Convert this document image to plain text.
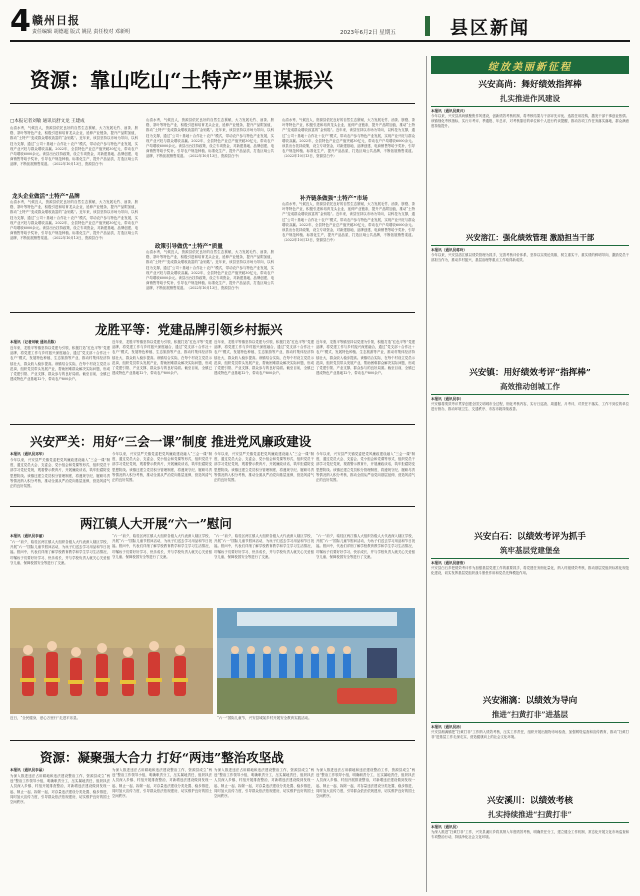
4 赣州日报
责任编辑 胡德超 版式 姚昆 责任校对 邓新明	2023年6月2日 星期五	县区新闻
资源：靠山吃山“土特产”里谋振兴
□本报记者刘敏 通讯员舒文龙 王建成
山清水秀，气候宜人，资源县依托良好的自然生态禀赋，大力发展毛竹、油茶、脐橙、茶叶等特色产业，积极引进和培育龙头企业，延伸产业链条，提升产品附加值，推动“土特产”变成群众增收致富的“金钥匙”。近年来，该县坚持以市场为导向，以科技为支撑，通过“公司＋基地＋合作社＋农户”模式，带动农户参与特色产业发展，实现产业兴旺与群众增收双赢。2022年，全县特色产业总产值突破30亿元，带动农户户均增收6000余元。该县出台扶持政策，设立专项资金，对新建基地、品牌创建、电商销售等给予奖补，引导农户规范种植、标准化生产，提升产品品质，打造区域公共品牌，不断拓展销售渠道。（2022年10月13日，资源县白中）
龙头企业做活“土特产”品牌
山清水秀，气候宜人，资源县依托良好的自然生态禀赋，大力发展毛竹、油茶、脐橙、茶叶等特色产业，积极引进和培育龙头企业，延伸产业链条，提升产品附加值，推动“土特产”变成群众增收致富的“金钥匙”。近年来，该县坚持以市场为导向，以科技为支撑，通过“公司＋基地＋合作社＋农户”模式，带动农户参与特色产业发展，实现产业兴旺与群众增收双赢。2022年，全县特色产业总产值突破30亿元，带动农户户均增收6000余元。该县出台扶持政策，设立专项资金，对新建基地、品牌创建、电商销售等给予奖补，引导农户规范种植、标准化生产，提升产品品质，打造区域公共品牌，不断拓展销售渠道。（2022年10月13日，资源县白中）
山清水秀，气候宜人，资源县依托良好的自然生态禀赋，大力发展毛竹、油茶、脐橙、茶叶等特色产业，积极引进和培育龙头企业，延伸产业链条，提升产品附加值，推动“土特产”变成群众增收致富的“金钥匙”。近年来，该县坚持以市场为导向，以科技为支撑，通过“公司＋基地＋合作社＋农户”模式，带动农户参与特色产业发展，实现产业兴旺与群众增收双赢。2022年，全县特色产业总产值突破30亿元，带动农户户均增收6000余元。该县出台扶持政策，设立专项资金，对新建基地、品牌创建、电商销售等给予奖补，引导农户规范种植、标准化生产，提升产品品质，打造区域公共品牌，不断拓展销售渠道。（2022年10月13日，资源县白中）
政策引导做优“土特产”质量
山清水秀，气候宜人，资源县依托良好的自然生态禀赋，大力发展毛竹、油茶、脐橙、茶叶等特色产业，积极引进和培育龙头企业，延伸产业链条，提升产品附加值，推动“土特产”变成群众增收致富的“金钥匙”。近年来，该县坚持以市场为导向，以科技为支撑，通过“公司＋基地＋合作社＋农户”模式，带动农户参与特色产业发展，实现产业兴旺与群众增收双赢。2022年，全县特色产业总产值突破30亿元，带动农户户均增收6000余元。该县出台扶持政策，设立专项资金，对新建基地、品牌创建、电商销售等给予奖补，引导农户规范种植、标准化生产，提升产品品质，打造区域公共品牌，不断拓展销售渠道。（2022年10月13日，资源县白中）
山清水秀，气候宜人，资源县依托良好的自然生态禀赋，大力发展毛竹、油茶、脐橙、茶叶等特色产业，积极引进和培育龙头企业，延伸产业链条，提升产品附加值，推动“土特产”变成群众增收致富的“金钥匙”。近年来，该县坚持以市场为导向，以科技为支撑，通过“公司＋基地＋合作社＋农户”模式，带动农户参与特色产业发展，实现产业兴旺与群众增收双赢。2022年，全县特色产业总产值突破30亿元，带动农户户均增收6000余元。该县出台扶持政策，设立专项资金，对新建基地、品牌创建、电商销售等给予奖补，引导农户规范种植、标准化生产，提升产品品质，打造区域公共品牌，不断拓展销售渠道。（2022年10月13日，资源县白中）
补齐链条做强“土特产”市场
山清水秀，气候宜人，资源县依托良好的自然生态禀赋，大力发展毛竹、油茶、脐橙、茶叶等特色产业，积极引进和培育龙头企业，延伸产业链条，提升产品附加值，推动“土特产”变成群众增收致富的“金钥匙”。近年来，该县坚持以市场为导向，以科技为支撑，通过“公司＋基地＋合作社＋农户”模式，带动农户参与特色产业发展，实现产业兴旺与群众增收双赢。2022年，全县特色产业总产值突破30亿元，带动农户户均增收6000余元。该县出台扶持政策，设立专项资金，对新建基地、品牌创建、电商销售等给予奖补，引导农户规范种植、标准化生产，提升产品品质，打造区域公共品牌，不断拓展销售渠道。（2022年10月13日，资源县白中）
龙胜平等：党建品牌引领乡村振兴
本报讯（记者刘敏 通讯员陈）
近年来，龙胜平等镇坚持以党建为引领，积极打造“红色平等”党建品牌，将党建工作与乡村振兴深度融合，通过“党支部＋合作社＋农户”模式，发展特色种植、生态旅游等产业，推动村集体经济持续壮大，群众收入稳步提高。该镇结合实际，在每个村设立党员示范岗，组织党员带头发展产业，帮助困难群众解决实际问题，形成了党建引领、产业支撑、群众参与的良好局面。截至目前，全镇已建成特色产业基地12个，带动农户800余户。
近年来，龙胜平等镇坚持以党建为引领，积极打造“红色平等”党建品牌，将党建工作与乡村振兴深度融合，通过“党支部＋合作社＋农户”模式，发展特色种植、生态旅游等产业，推动村集体经济持续壮大，群众收入稳步提高。该镇结合实际，在每个村设立党员示范岗，组织党员带头发展产业，帮助困难群众解决实际问题，形成了党建引领、产业支撑、群众参与的良好局面。截至目前，全镇已建成特色产业基地12个，带动农户800余户。
近年来，龙胜平等镇坚持以党建为引领，积极打造“红色平等”党建品牌，将党建工作与乡村振兴深度融合，通过“党支部＋合作社＋农户”模式，发展特色种植、生态旅游等产业，推动村集体经济持续壮大，群众收入稳步提高。该镇结合实际，在每个村设立党员示范岗，组织党员带头发展产业，帮助困难群众解决实际问题，形成了党建引领、产业支撑、群众参与的良好局面。截至目前，全镇已建成特色产业基地12个，带动农户800余户。
近年来，龙胜平等镇坚持以党建为引领，积极打造“红色平等”党建品牌，将党建工作与乡村振兴深度融合，通过“党支部＋合作社＋农户”模式，发展特色种植、生态旅游等产业，推动村集体经济持续壮大，群众收入稳步提高。该镇结合实际，在每个村设立党员示范岗，组织党员带头发展产业，帮助困难群众解决实际问题，形成了党建引领、产业支撑、群众参与的良好局面。截至目前，全镇已建成特色产业基地12个，带动农户800余户。
兴安严关：用好“三会一课”制度 推进党风廉政建设
本报讯（通讯员邓华）
今年以来，兴安县严关镇党委把党风廉政建设融入“三会一课”制度，通过党员大会、支委会、党小组会和党课等形式，组织党员干部学习党纪党规，观看警示教育片，开展廉政谈话，筑牢拒腐防变思想防线。该镇还建立党员积分管理制度，将遵规守纪、履职尽责等情况纳入积分考核，推动全面从严治党向基层延伸，营造风清气正的良好氛围。
今年以来，兴安县严关镇党委把党风廉政建设融入“三会一课”制度，通过党员大会、支委会、党小组会和党课等形式，组织党员干部学习党纪党规，观看警示教育片，开展廉政谈话，筑牢拒腐防变思想防线。该镇还建立党员积分管理制度，将遵规守纪、履职尽责等情况纳入积分考核，推动全面从严治党向基层延伸，营造风清气正的良好氛围。
今年以来，兴安县严关镇党委把党风廉政建设融入“三会一课”制度，通过党员大会、支委会、党小组会和党课等形式，组织党员干部学习党纪党规，观看警示教育片，开展廉政谈话，筑牢拒腐防变思想防线。该镇还建立党员积分管理制度，将遵规守纪、履职尽责等情况纳入积分考核，推动全面从严治党向基层延伸，营造风清气正的良好氛围。
今年以来，兴安县严关镇党委把党风廉政建设融入“三会一课”制度，通过党员大会、支委会、党小组会和党课等形式，组织党员干部学习党纪党规，观看警示教育片，开展廉政谈话，筑牢拒腐防变思想防线。该镇还建立党员积分管理制度，将遵规守纪、履职尽责等情况纳入积分考核，推动全面从严治党向基层延伸，营造风清气正的良好氛围。
两江镇人大开展“六一”慰问
本报讯（通讯员李丽）
“六一”前夕，临桂区两江镇人大组织各级人大代表深入辖区学校，开展“六一”国际儿童节慰问活动，为孩子们送去学习用品和节日祝福。慰问中，代表们详细了解学校教育教学和学生学习生活情况，叮嘱孩子们要好好学习、快乐成长，并与学校负责人就关心关爱留守儿童、保障校园安全等进行了交流。
“六一”前夕，临桂区两江镇人大组织各级人大代表深入辖区学校，开展“六一”国际儿童节慰问活动，为孩子们送去学习用品和节日祝福。慰问中，代表们详细了解学校教育教学和学生学习生活情况，叮嘱孩子们要好好学习、快乐成长，并与学校负责人就关心关爱留守儿童、保障校园安全等进行了交流。
“六一”前夕，临桂区两江镇人大组织各级人大代表深入辖区学校，开展“六一”国际儿童节慰问活动，为孩子们送去学习用品和节日祝福。慰问中，代表们详细了解学校教育教学和学生学习生活情况，叮嘱孩子们要好好学习、快乐成长，并与学校负责人就关心关爱留守儿童、保障校园安全等进行了交流。
“六一”前夕，临桂区两江镇人大组织各级人大代表深入辖区学校，开展“六一”国际儿童节慰问活动，为孩子们送去学习用品和节日祝福。慰问中，代表们详细了解学校教育教学和学生学习生活情况，叮嘱孩子们要好好学习、快乐成长，并与学校负责人就关心关爱留守儿童、保障校园安全等进行了交流。
近日，“全民健身，爱心万里行”走进平乐县。	“六一”国际儿童节，兴安县城某乡村开展安全教育实践活动。
资源：凝聚强大合力 打好“两违”整治攻坚战
本报讯（通讯员李晶）
为深入推进违法占用耕地和违法建设整治工作，资源县成立“两违”整治工作领导小组，明确职责分工，压实属地责任，组织执法人员深入乡镇、村组开展排查整治，对新增违法建设做到发现一起、制止一起、拆除一起，对存量违法建设分类处置、稳步推进，同时加大宣传力度，引导群众依法依规建房，切实维护良好的国土空间秩序。
为深入推进违法占用耕地和违法建设整治工作，资源县成立“两违”整治工作领导小组，明确职责分工，压实属地责任，组织执法人员深入乡镇、村组开展排查整治，对新增违法建设做到发现一起、制止一起、拆除一起，对存量违法建设分类处置、稳步推进，同时加大宣传力度，引导群众依法依规建房，切实维护良好的国土空间秩序。
为深入推进违法占用耕地和违法建设整治工作，资源县成立“两违”整治工作领导小组，明确职责分工，压实属地责任，组织执法人员深入乡镇、村组开展排查整治，对新增违法建设做到发现一起、制止一起、拆除一起，对存量违法建设分类处置、稳步推进，同时加大宣传力度，引导群众依法依规建房，切实维护良好的国土空间秩序。
为深入推进违法占用耕地和违法建设整治工作，资源县成立“两违”整治工作领导小组，明确职责分工，压实属地责任，组织执法人员深入乡镇、村组开展排查整治，对新增违法建设做到发现一起、制止一起、拆除一起，对存量违法建设分类处置、稳步推进，同时加大宣传力度，引导群众依法依规建房，切实维护良好的国土空间秩序。
绽放美丽新征程
兴安高尚：舞好绩效指挥棒
扎实推进作风建设
本报讯（通讯员黄兴）
今年以来，兴安县高尚镇聚焦作风建设，创新绩效考核机制，将考核结果与干部评先评优、选拔任用挂钩，激发干部干事创业热情。该镇细化考核指标，实行月考评、季通报、年总评，对考核靠后的单位和个人进行约谈提醒，推动各项工作任务落实落地，群众满意度持续提升。
兴安溶江：强化绩效管理 激励担当干部
本报讯（通讯员蒋玲）
今年以来，兴安县溶江镇以绩效管理为抓手，完善考核评价体系，坚持以实绩论英雄，树立重实干、重实绩的鲜明导向，激励党员干部担当作为，推动乡村振兴、基层治理等重点工作取得新成效。
兴安镇：用好绩效考评“指挥棒”
高效推动创城工作
本报讯（通讯员李）
兴安镇将绩效考评贯穿创建全国文明城市全过程，细化考核内容，实行日巡查、周通报、月考评，对责任不落实、工作不到位的单位进行督办，推动环境卫生、交通秩序、市容市貌持续改善。
兴安白石：以绩效考评为抓手
筑牢基层党建堡垒
本报讯（通讯员唐浩）
兴安县白石乡把绩效考评作为加强基层党建工作的重要抓手，将党建任务细化量化，纳入村级绩效考核，推动基层党组织标准化规范化建设，切实发挥基层党组织战斗堡垒作用和党员先锋模范作用。
兴安湘漓：以绩效为导向
推进“扫黄打非”进基层
本报讯（通讯员汤）
兴安县湘漓镇把“扫黄打非”工作纳入绩效考核，压实工作责任，组织开展出版物市场检查，加强网络巡查和宣传教育，推动“扫黄打非”进基层工作走深走实，营造健康向上的社会文化环境。
兴安溪川：以绩效考核
扎实持续推进“扫黄打非”
本报讯（通讯员）
为深入推进“扫黄打非”工作，兴安县溪川乡将其纳入年度绩效考核，明确责任分工，建立健全工作机制，常态化开展文化市场巡查和专项整治行动，持续净化社会文化环境。
